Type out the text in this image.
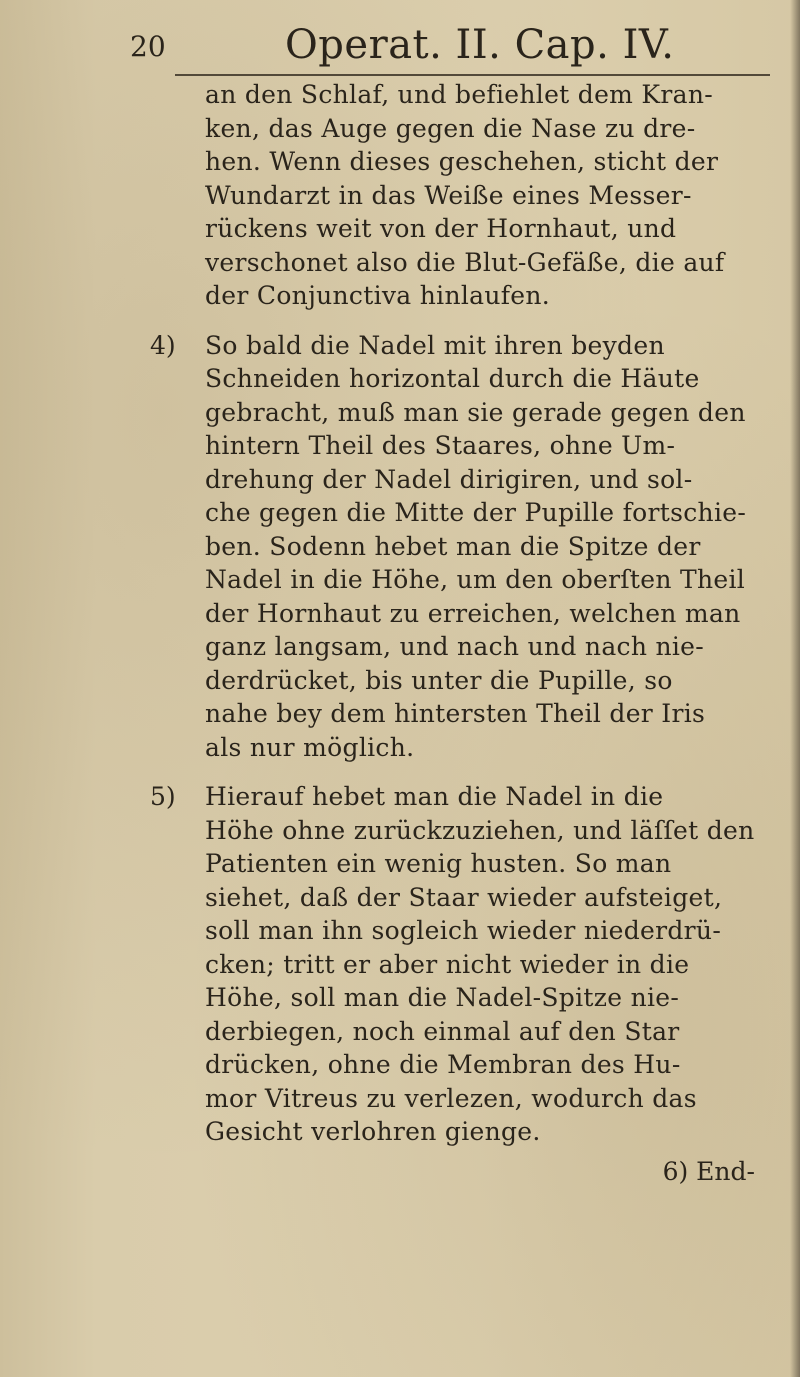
20	Operat. II. Cap. IV.
an den Schlaf, und befiehlet dem Kran-
ken, das Auge gegen die Nase zu dre-
hen. Wenn dieses geschehen, sticht der
Wundarzt in das Weiße eines Messer-
rückens weit von der Hornhaut, und
verschonet also die Blut-Gefäße, die auf
der Conjunctiva hinlaufen.
4) So bald die Nadel mit ihren beyden
Schneiden horizontal durch die Häute
gebracht, muß man sie gerade gegen den
hintern Theil des Staares, ohne Um-
drehung der Nadel dirigiren, und sol-
che gegen die Mitte der Pupille fortschie-
ben. Sodenn hebet man die Spitze der
Nadel in die Höhe, um den oberſten Theil
der Hornhaut zu erreichen, welchen man
ganz langsam, und nach und nach nie-
derdrücket, bis unter die Pupille, so
nahe bey dem hintersten Theil der Iris
als nur möglich.
5)
6) End-
Hierauf hebet man die Nadel in die
Höhe ohne zurückzuziehen, und läſſet den
Patienten ein wenig husten. So man
siehet, daß der Staar wieder aufsteiget,
soll man ihn sogleich wieder niederdrü-
cken; tritt er aber nicht wieder in die
Höhe, soll man die Nadel-Spitze nie-
derbiegen, noch einmal auf den Star
drücken, ohne die Membran des Hu-
mor Vitreus zu verlezen, wodurch das
Gesicht verlohren gienge.
